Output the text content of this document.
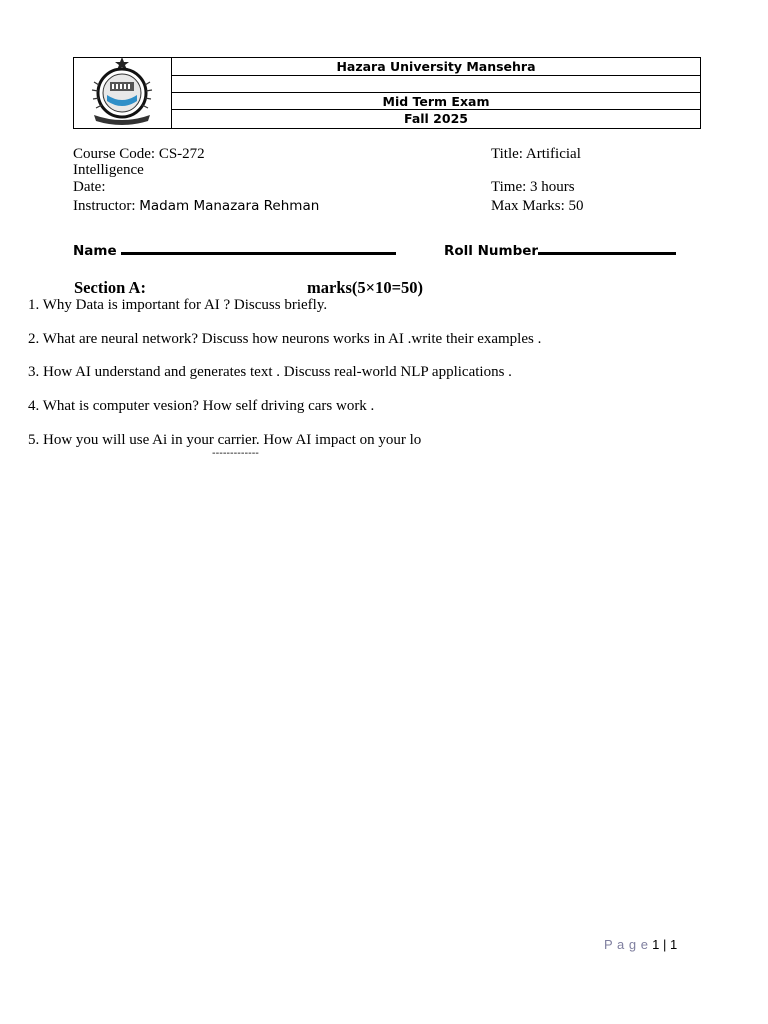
Hazara University Mansehra
Mid Term Exam
Fall 2025
Course Code: CS-272	Title: Artificial
Intelligence
Date:	Time: 3 hours
Instructor: Madam Manazara Rehman	Max Marks: 50
Name	Roll Number
Section A:	marks(5×10=50)
1. Why Data is important for AI ? Discuss briefly.
2. What are neural network? Discuss how neurons works in AI .write their examples .
3. How AI understand and generates text . Discuss real-world NLP applications .
4. What is computer vesion? How self driving cars work .
5. How you will use Ai in your carrier. How AI impact on your lo
-------------
P a g e 1 | 1
